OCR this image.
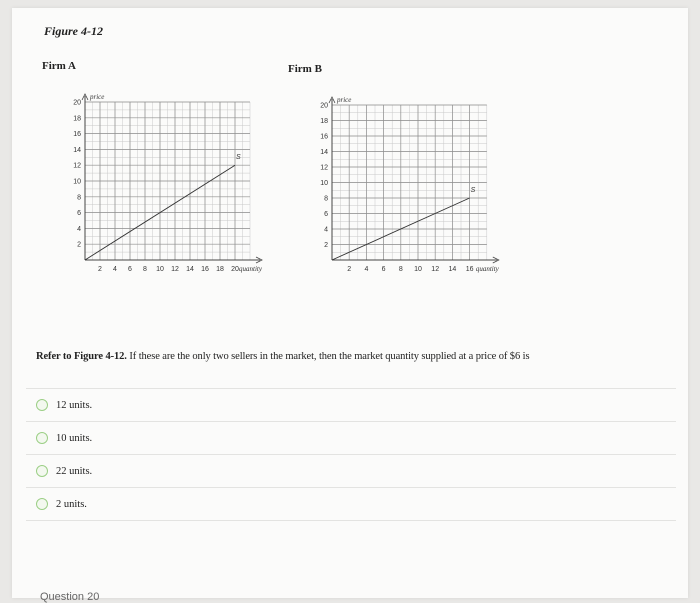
Figure 4-12
Firm A	Firm B
2
4
6
8
10
12
14
16
18
20
2 4 6 8 10 12 14 16 18 20
price
quantity
S
2
4
6
8
10
12
14
16
18
20
2 4 6 8 10 12 14 16
price
quantity
S
Refer to Figure 4-12. If these are the only two sellers in the market, then the market quantity supplied at a price of $6 is
12 units.
10 units.
22 units.
2 units.
Question 20
